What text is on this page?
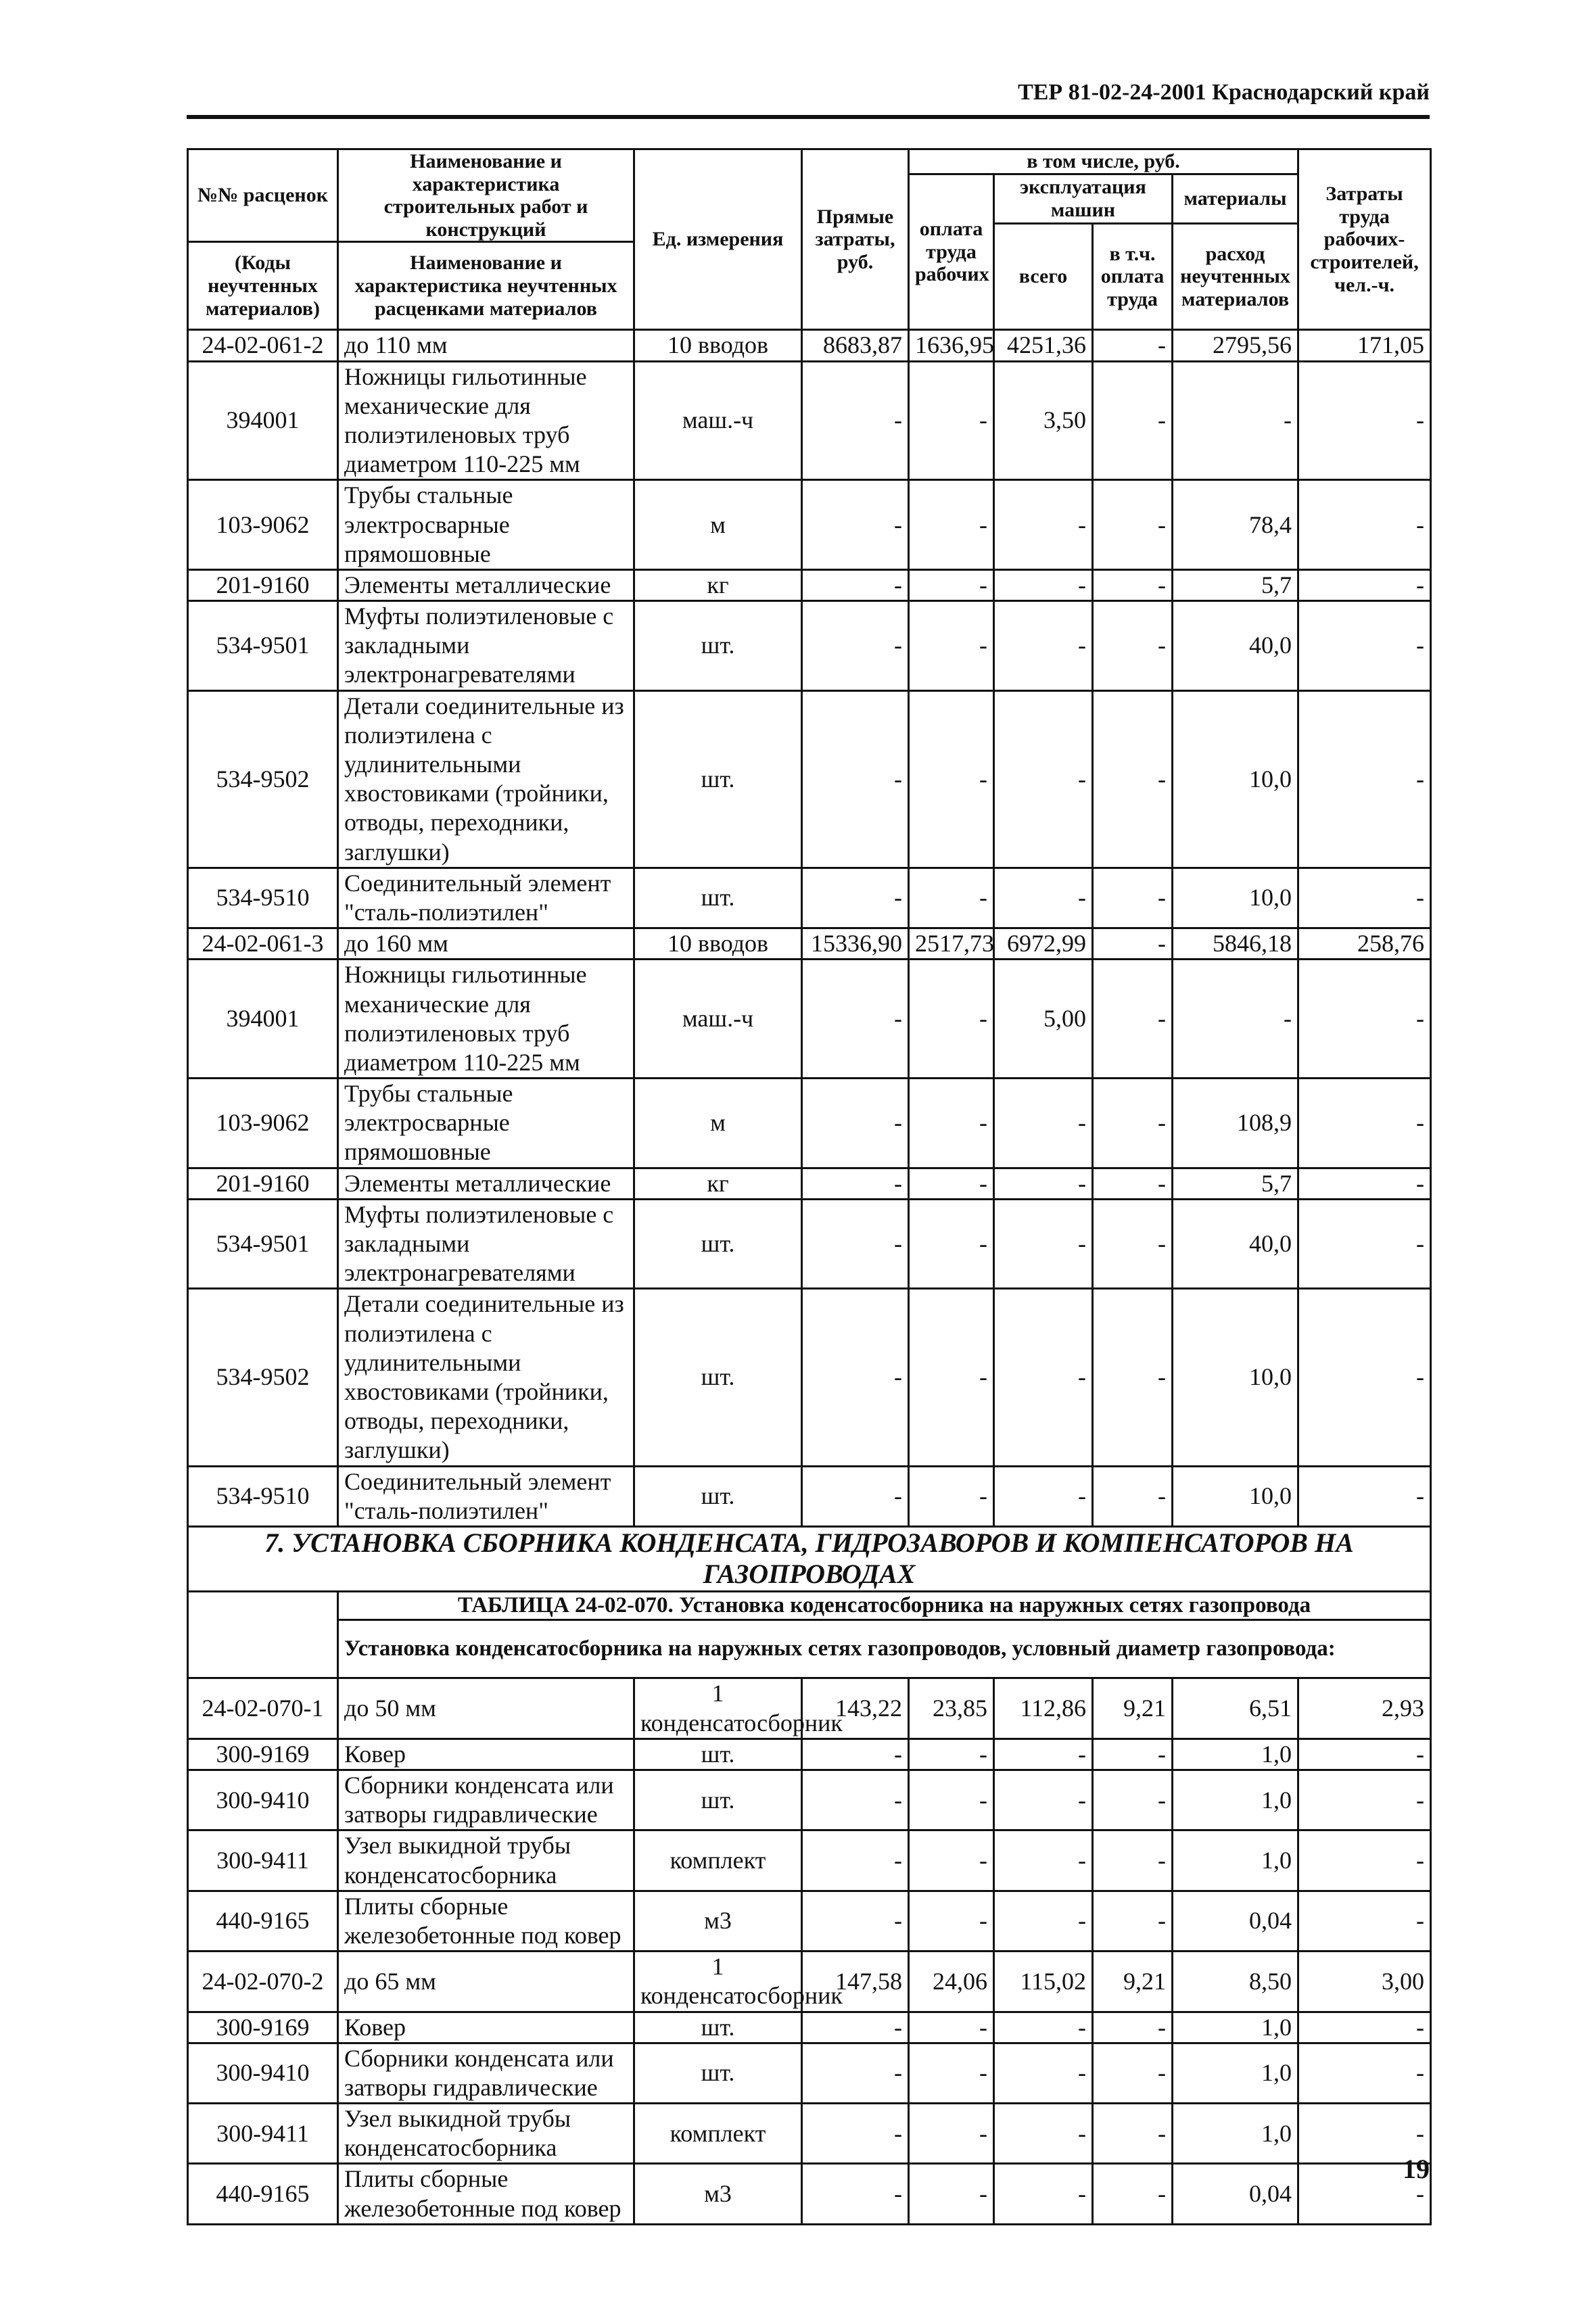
ТЕР 81-02-24-2001 Краснодарский край
№№ расценок	Наименование и характеристика строительных работ и конструкций	Ед. измерения	Прямые затраты, руб.	в том числе, руб.				Затраты труда рабочих-строителей, чел.-ч.
				оплата труда рабочих	эксплуатация машин		материалы	
					всего	в т.ч. оплата труда	расход неучтенных материалов	
(Коды неучтенных материалов)	Наименование и характеристика неучтенных расценками материалов							

24-02-061-2	до 110 мм	10 вводов	8683,87	1636,95	4251,36	-	2795,56	171,05
394001	Ножницы гильотинные механические для полиэтиленовых труб диаметром 110-225 мм	маш.-ч	-	-	3,50	-	-	-
103-9062	Трубы стальные электросварные прямошовные	м	-	-	-	-	78,4	-
201-9160	Элементы металлические	кг	-	-	-	-	5,7	-
534-9501	Муфты полиэтиленовые с закладными электронагревателями	шт.	-	-	-	-	40,0	-
534-9502	Детали соединительные из полиэтилена с удлинительными хвостовиками (тройники, отводы, переходники, заглушки)	шт.	-	-	-	-	10,0	-
534-9510	Соединительный элемент "сталь-полиэтилен"	шт.	-	-	-	-	10,0	-
24-02-061-3	до 160 мм	10 вводов	15336,90	2517,73	6972,99	-	5846,18	258,76
394001	Ножницы гильотинные механические для полиэтиленовых труб диаметром 110-225 мм	маш.-ч	-	-	5,00	-	-	-
103-9062	Трубы стальные электросварные прямошовные	м	-	-	-	-	108,9	-
201-9160	Элементы металлические	кг	-	-	-	-	5,7	-
534-9501	Муфты полиэтиленовые с закладными электронагревателями	шт.	-	-	-	-	40,0	-
534-9502	Детали соединительные из полиэтилена с удлинительными хвостовиками (тройники, отводы, переходники, заглушки)	шт.	-	-	-	-	10,0	-
534-9510	Соединительный элемент "сталь-полиэтилен"	шт.	-	-	-	-	10,0	-
7. УСТАНОВКА СБОРНИКА КОНДЕНСАТА, ГИДРОЗАВОРОВ И КОМПЕНСАТОРОВ НА ГАЗОПРОВОДАХ								
	ТАБЛИЦА 24-02-070. Установка коденсатосборника на наружных сетях газопровода							
	Установка конденсатосборника на наружных сетях газопроводов, условный диаметр газопровода:							
24-02-070-1	до 50 мм	1 конденсатосборник	143,22	23,85	112,86	9,21	6,51	2,93
300-9169	Ковер	шт.	-	-	-	-	1,0	-
300-9410	Сборники конденсата или затворы гидравлические	шт.	-	-	-	-	1,0	-
300-9411	Узел выкидной трубы конденсатосборника	комплект	-	-	-	-	1,0	-
440-9165	Плиты сборные железобетонные под ковер	м3	-	-	-	-	0,04	-
24-02-070-2	до 65 мм	1 конденсатосборник	147,58	24,06	115,02	9,21	8,50	3,00
300-9169	Ковер	шт.	-	-	-	-	1,0	-
300-9410	Сборники конденсата или затворы гидравлические	шт.	-	-	-	-	1,0	-
300-9411	Узел выкидной трубы конденсатосборника	комплект	-	-	-	-	1,0	-
440-9165	Плиты сборные железобетонные под ковер	м3	-	-	-	-	0,04	-
19
